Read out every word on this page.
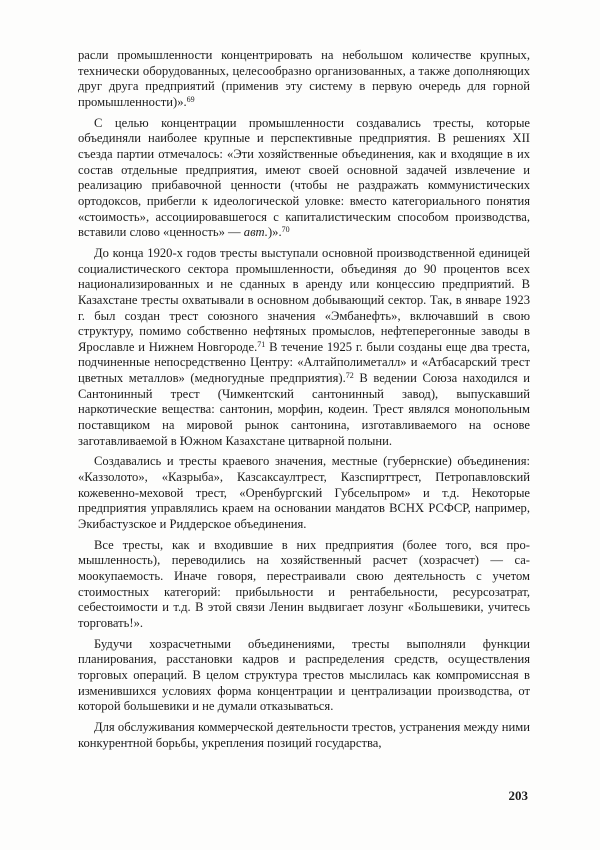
расли промышленности концентрировать на небольшом количестве крупных, технически оборудованных, целесообразно организованных, а также дополняющих друг друга предприятий (применив эту систему в первую очередь для горной промышленности)».$^{69}$

С целью концентрации промышленности создавались тресты, которые объединяли наиболее крупные и перспективные предприятия. В решениях XII съезда партии отмечалось: «Эти хозяйственные объединения, как и входящие в их состав отдельные предприятия, имеют своей основной задачей извлечение и реализацию прибавочной ценности (чтобы не раздражать коммунистических ортодоксов, прибегли к идеологической уловке: вместо категориального понятия «стоимость», ассоциировавшегося с капиталистическим способом производства, вставили слово «ценность» — авт.)».$^{70}$

До конца 1920-х годов тресты выступали основной производственной единицей социалистического сектора промышленности, объединяя до 90 процентов всех национализированных и не сданных в аренду или концессию предприятий. В Казахстане тресты охватывали в основном добывающий сектор. Так, в январе 1923 г. был создан трест союзного значения «Эмбанефть», включавший в свою структуру, помимо собственно нефтяных промыслов, нефтеперегонные заводы в Ярославле и Нижнем Новгороде.$^{71}$ В течение 1925 г. были созданы еще два треста, подчиненные непосредственно Центру: «Алтайполиметалл» и «Атбасарский трест цветных металлов» (медноrудные предприятия).$^{72}$ В ведении Союза находился и Сантонинный трест (Чимкентский сантонинный завод), выпускавший наркотические вещества: сантонин, морфин, кодеин. Трест являлся монопольным поставщиком на мировой рынок сантонина, изготавливаемого на основе заготавливаемой в Южном Казахстане цитварной полыни.

Создавались и тресты краевого значения, местные (губернские) объединения: «Каззолото», «Казрыба», Казсаксаултрест, Казспирттрест, Петропавловский кожевенно-меховой трест, «Оренбургский Губсельпром» и т.д. Некоторые предприятия управлялись краем на основании мандатов ВСНХ РСФСР, например, Экибастузское и Риддерское объединения.

Все тресты, как и входившие в них предприятия (более того, вся промышленность), переводились на хозяйственный расчет (хозрасчет) — самоокупаемость. Иначе говоря, перестраивали свою деятельность с учетом стоимостных категорий: прибыльности и рентабельности, ресурсозатрат, себестоимости и т.д. В этой связи Ленин выдвигает лозунг «Большевики, учитесь торговать!».

Будучи хозрасчетными объединениями, тресты выполняли функции планирования, расстановки кадров и распределения средств, осуществления торговых операций. В целом структура трестов мыслилась как компромиссная в изменившихся условиях форма концентрации и централизации производства, от которой большевики и не думали отказываться.

Для обслуживания коммерческой деятельности трестов, устранения между ними конкурентной борьбы, укрепления позиций государства,

203
